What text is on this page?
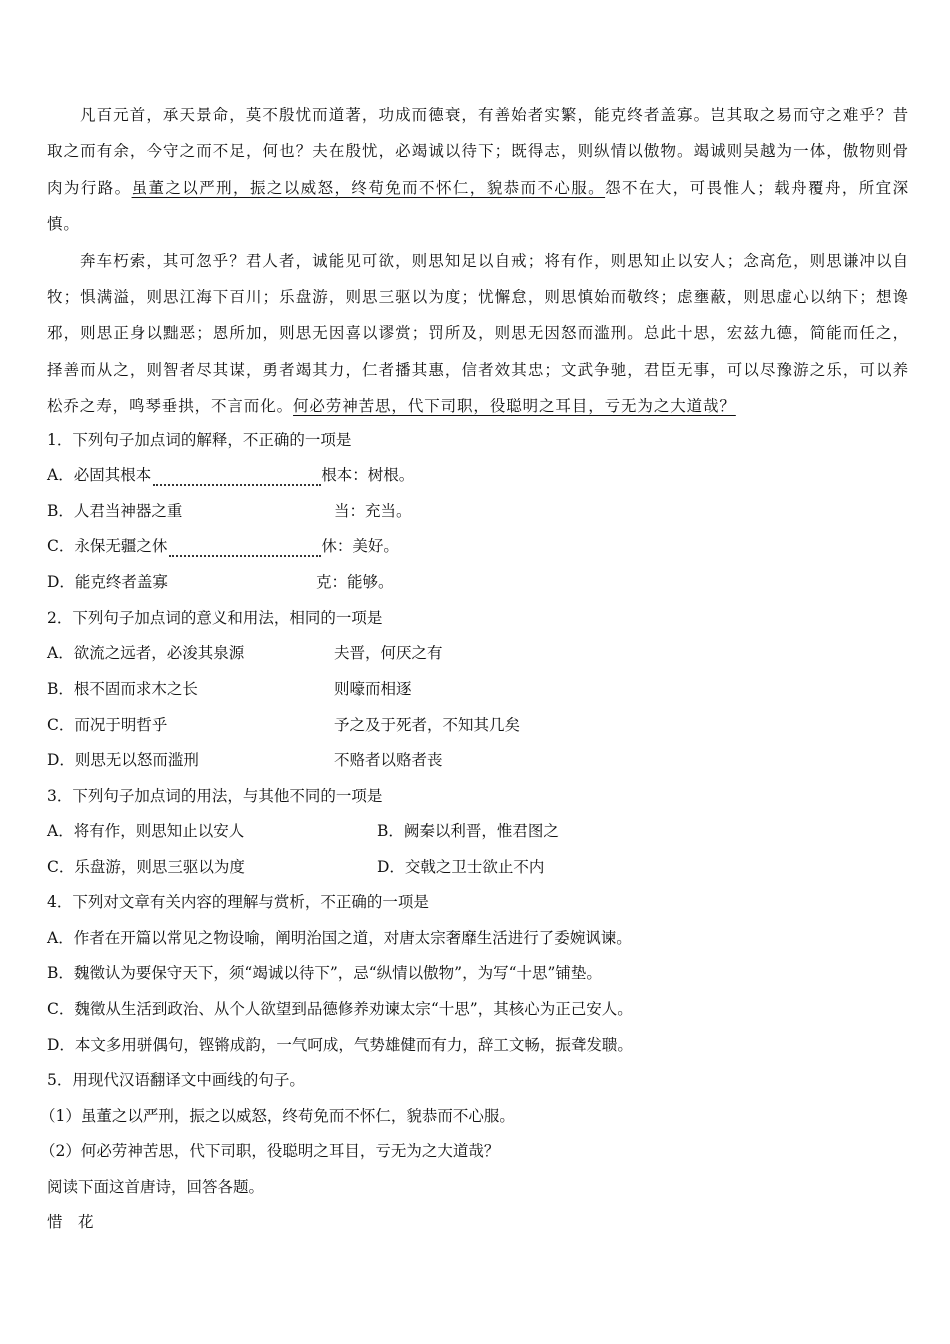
凡百元首，承天景命，莫不殷忧而道著，功成而德衰，有善始者实繁，能克终者盖寡。岂其取之易而守之难乎？昔取之而有余，今守之而不足，何也？夫在殷忧，必竭诚以待下；既得志，则纵情以傲物。竭诚则吴越为一体，傲物则骨肉为行路。虽董之以严刑，振之以威怒，终苟免而不怀仁，貌恭而不心服。怨不在大，可畏惟人；载舟覆舟，所宜深慎。

奔车朽索，其可忽乎？君人者，诚能见可欲，则思知足以自戒；将有作，则思知止以安人；念高危，则思谦冲以自牧；惧满溢，则思江海下百川；乐盘游，则思三驱以为度；忧懈怠，则思慎始而敬终；虑壅蔽，则思虚心以纳下；想谗邪，则思正身以黜恶；恩所加，则思无因喜以谬赏；罚所及，则思无因怒而滥刑。总此十思，宏兹九德，简能而任之，择善而从之，则智者尽其谋，勇者竭其力，仁者播其惠，信者效其忠；文武争驰，君臣无事，可以尽豫游之乐，可以养松乔之寿，鸣琴垂拱，不言而化。何必劳神苦思，代下司职，役聪明之耳目，亏无为之大道哉？

1．下列句子加点词的解释，不正确的一项是
A．必固其根本	根本：树根。
B．人君当神器之重	当：充当。
C．永保无疆之休	休：美好。
D．能克终者盖寡	克：能够。
2．下列句子加点词的意义和用法，相同的一项是
A．欲流之远者，必浚其泉源	夫晋，何厌之有
B．根不固而求木之长	则嚎而相逐
C．而况于明哲乎	予之及于死者，不知其几矣
D．则思无以怒而滥刑	不赂者以赂者丧
3．下列句子加点词的用法，与其他不同的一项是
A．将有作，则思知止以安人	B．阙秦以利晋，惟君图之
C．乐盘游，则思三驱以为度	D．交戟之卫士欲止不内
4．下列对文章有关内容的理解与赏析，不正确的一项是
A．作者在开篇以常见之物设喻，阐明治国之道，对唐太宗奢靡生活进行了委婉讽谏。
B．魏徵认为要保守天下，须“竭诚以待下”，忌“纵情以傲物”，为写“十思”铺垫。
C．魏徵从生活到政治、从个人欲望到品德修养劝谏太宗“十思”，其核心为正己安人。
D．本文多用骈偶句，铿锵成韵，一气呵成，气势雄健而有力，辞工文畅，振聋发聩。
5．用现代汉语翻译文中画线的句子。
（1）虽董之以严刑，振之以威怒，终苟免而不怀仁，貌恭而不心服。
（2）何必劳神苦思，代下司职，役聪明之耳目，亏无为之大道哉？
阅读下面这首唐诗，回答各题。
惜　花
